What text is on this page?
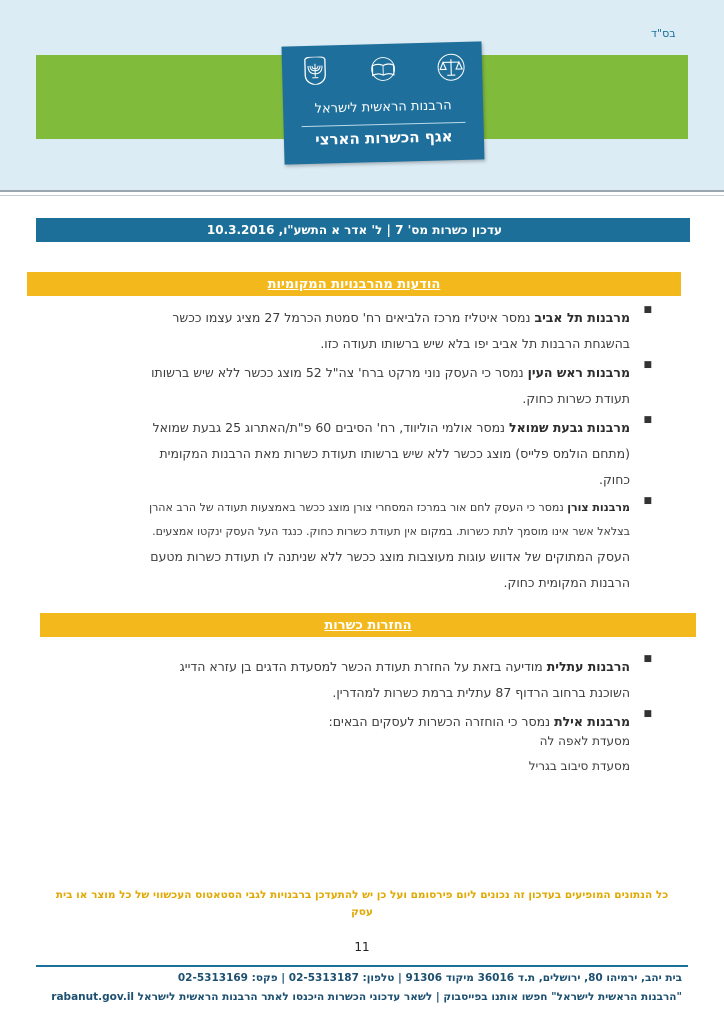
בס"ד
הרבנות הראשית לישראל
אגף הכשרות הארצי
עדכון כשרות מס' 7 | ל' אדר א התשע"ו, 10.3.2016
הודעות מהרבנויות המקומיות
■
מרבנות תל אביב נמסר איטליז מרכז הלביאים רח' סמטת הכרמל 27 מציג עצמו ככשר
בהשגחת הרבנות תל אביב יפו בלא שיש ברשותו תעודה כזו.
■
מרבנות ראש העין נמסר כי העסק נוני מרקט ברח' צה"ל 52 מוצג ככשר ללא שיש ברשותו
תעודת כשרות כחוק.
■
מרבנות גבעת שמואל נמסר אולמי הוליווד, רח' הסיבים 60 פ"ת/האתרוג 25 גבעת שמואל
(מתחם הולמס פלייס) מוצג ככשר ללא שיש ברשותו תעודת כשרות מאת הרבנות המקומית
כחוק.
■
מרבנות צורן נמסר כי העסק לחם אור במרכז המסחרי צורן מוצג ככשר באמצעות תעודה של הרב אהרן
בצלאל אשר אינו מוסמך לתת כשרות. במקום אין תעודת כשרות כחוק. כנגד העל העסק ינקטו אמצעים.
העסק המתוקים של אדווש עוגות מעוצבות מוצג ככשר ללא שניתנה לו תעודת כשרות מטעם
הרבנות המקומית כחוק.
החזרות כשרות
■
הרבנות עתלית מודיעה בזאת על החזרת תעודת הכשר למסעדת הדגים בן עזרא הדייג
השוכנת ברחוב הרדוף 87 עתלית ברמת כשרות למהדרין.
■
מרבנות אילת נמסר כי הוחזרה הכשרות לעסקים הבאים:
מסעדת לאפה לה
מסעדת סיבוב בגריל
כל הנתונים המופיעים בעדכון זה נכונים ליום פירסומם ועל כן יש להתעדכן ברבנויות לגבי הסטאטוס העכשווי של כל מוצר או בית
עסק
11
בית יהב, ירמיהו 80, ירושלים, ת.ד 36016 מיקוד 91306 | טלפון: 02-5313187 | פקס: 02-5313169
"הרבנות הראשית לישראל" חפשו אותנו בפייסבוק | לשאר עדכוני הכשרות היכנסו לאתר הרבנות הראשית לישראל rabanut.gov.il
